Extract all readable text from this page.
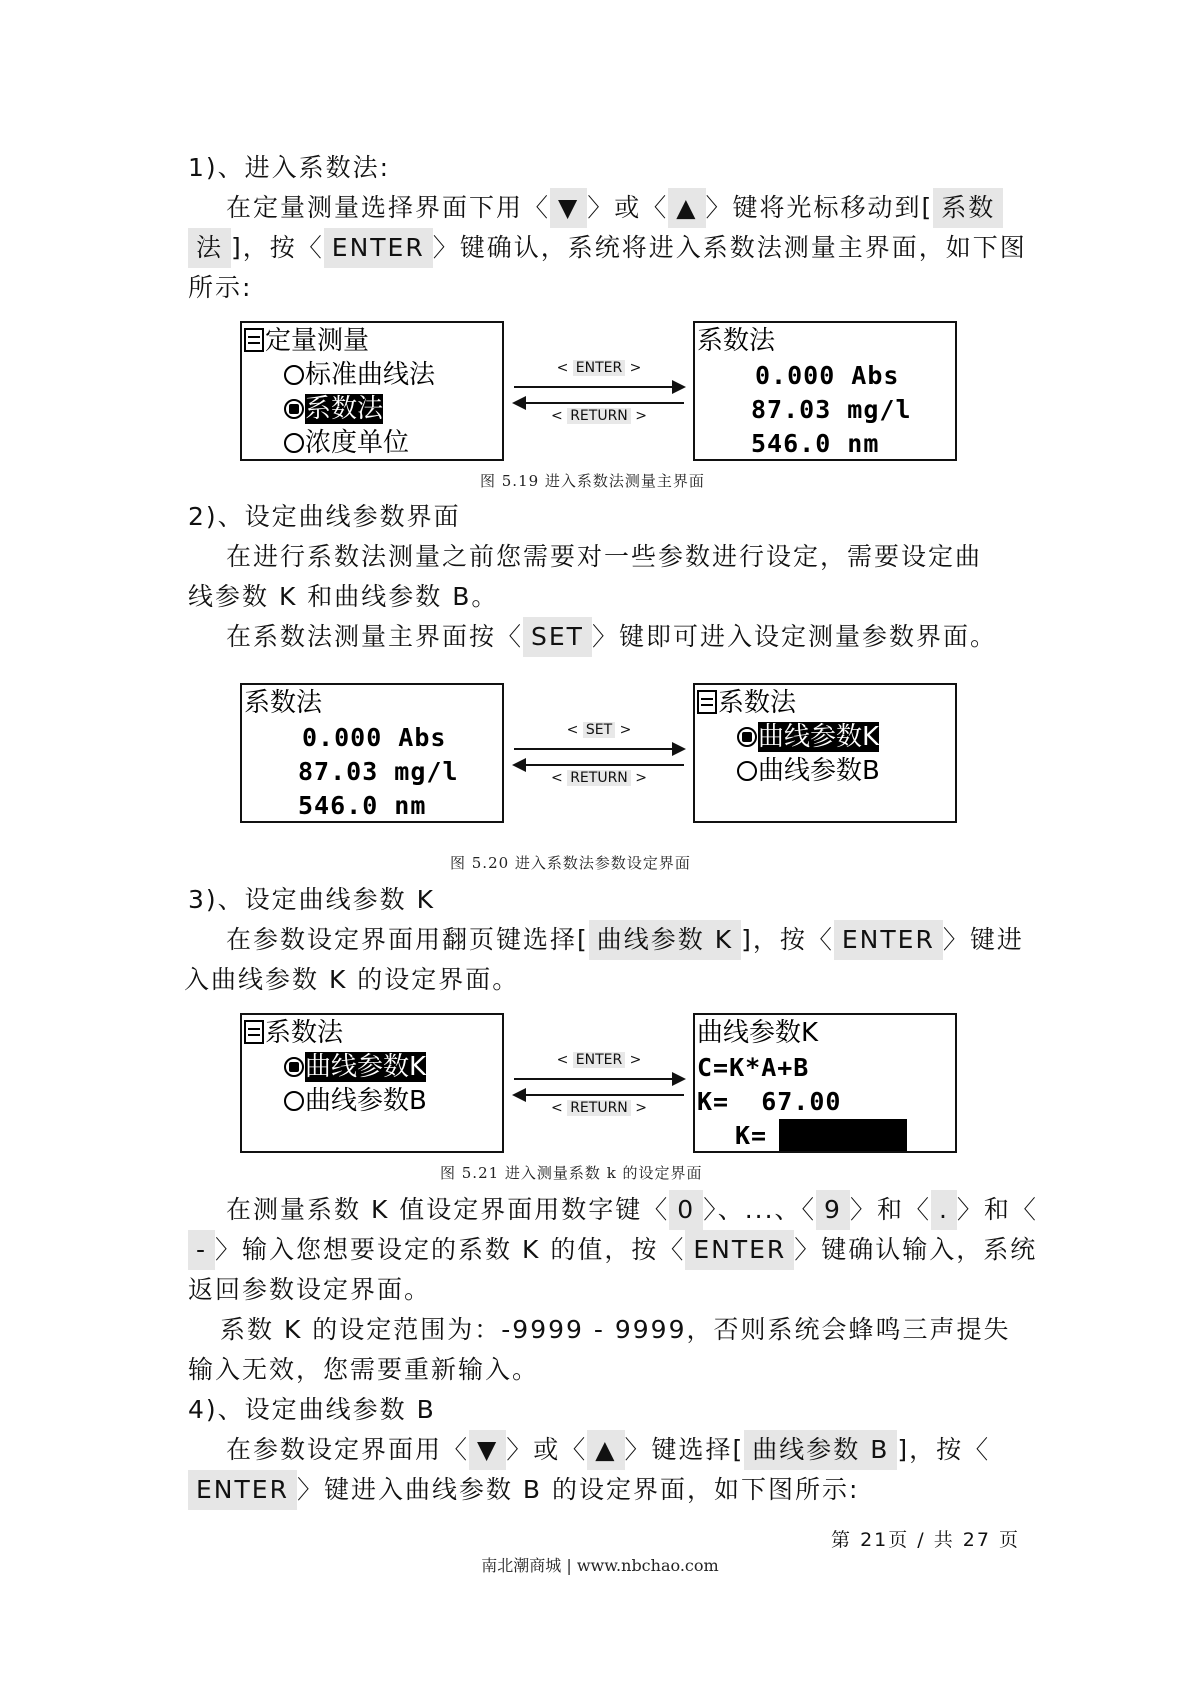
1)、进入系数法:
在定量测量选择界面下用〈▼〉或〈▲〉键将光标移动到[系数
法]，按〈ENTER〉键确认，系统将进入系数法测量主界面，如下图
所示:
定量测量
标准曲线法
系数法
浓度单位
< ENTER >
< RETURN >
系数法
0.000 Abs
87.03 mg/l
546.0 nm
图 5.19 进入系数法测量主界面
2)、设定曲线参数界面
在进行系数法测量之前您需要对一些参数进行设定，需要设定曲
线参数 K 和曲线参数 B。
在系数法测量主界面按〈SET〉键即可进入设定测量参数界面。
系数法
0.000 Abs
87.03 mg/l
546.0 nm
< SET >
< RETURN >
系数法
曲线参数K
曲线参数B
图 5.20 进入系数法参数设定界面
3)、设定曲线参数 K
在参数设定界面用翻页键选择[曲线参数 K]，按〈ENTER〉键进
入曲线参数 K 的设定界面。
系数法
曲线参数K
曲线参数B
< ENTER >
< RETURN >
曲线参数K
C=K*A+B
K=  67.00
K=
图 5.21 进入测量系数 k 的设定界面
在测量系数 K 值设定界面用数字键〈0〉、...、〈9〉和〈.〉和〈
-〉输入您想要设定的系数 K 的值，按〈ENTER〉键确认输入，系统
返回参数设定界面。
系数 K 的设定范围为：-9999 - 9999，否则系统会蜂鸣三声提失
输入无效，您需要重新输入。
4)、设定曲线参数 B
在参数设定界面用〈▼〉或〈▲〉键选择[曲线参数 B]，按〈
ENTER〉键进入曲线参数 B 的设定界面，如下图所示:
第 21页 / 共 27 页
南北潮商城 | www.nbchao.com
